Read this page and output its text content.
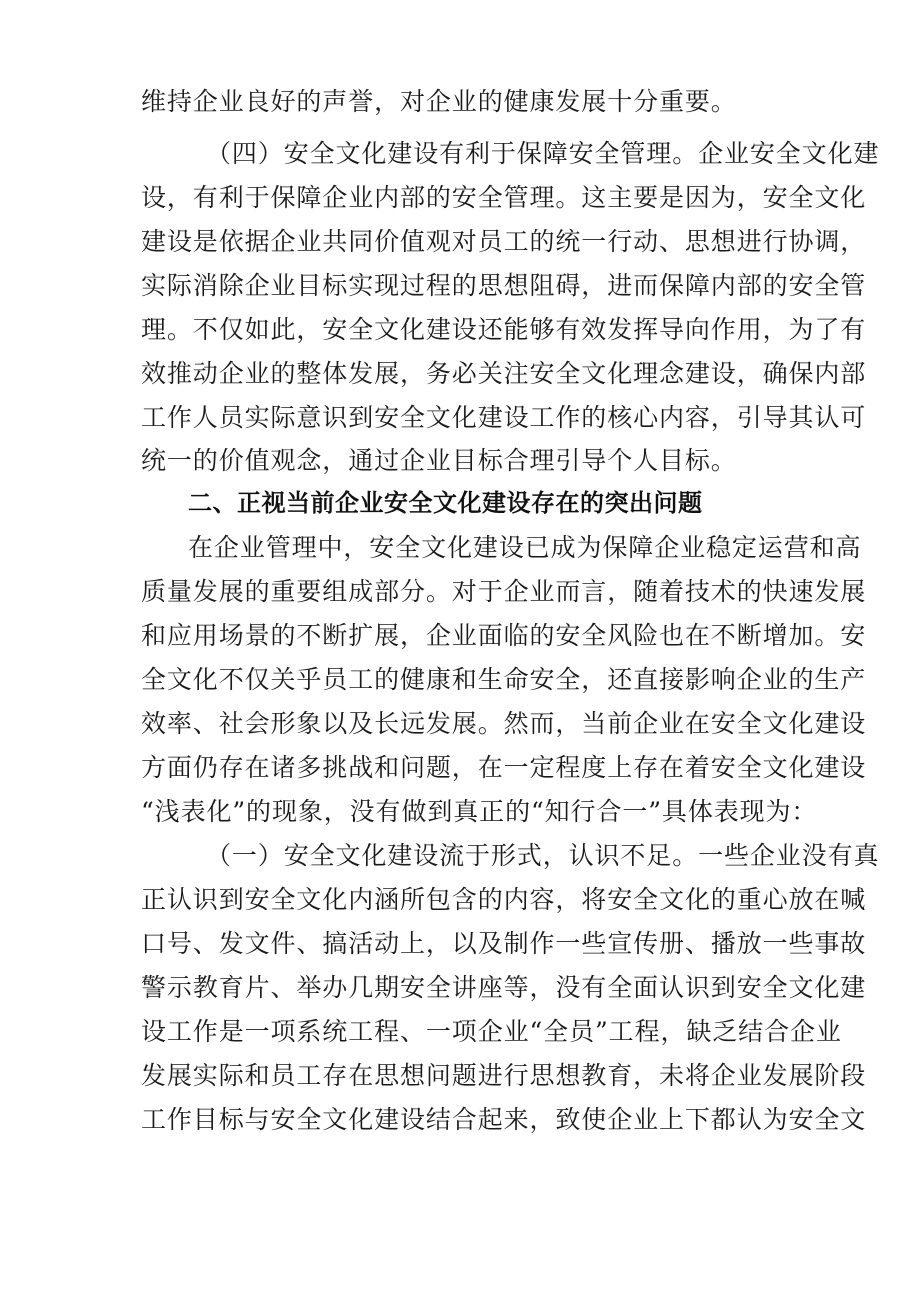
维持企业良好的声誉，对企业的健康发展十分重要。
（四）安全文化建设有利于保障安全管理。企业安全文化建
设，有利于保障企业内部的安全管理。这主要是因为，安全文化
建设是依据企业共同价值观对员工的统一行动、思想进行协调，
实际消除企业目标实现过程的思想阻碍，进而保障内部的安全管
理。不仅如此，安全文化建设还能够有效发挥导向作用，为了有
效推动企业的整体发展，务必关注安全文化理念建设，确保内部
工作人员实际意识到安全文化建设工作的核心内容，引导其认可
统一的价值观念，通过企业目标合理引导个人目标。
二、正视当前企业安全文化建设存在的突出问题
在企业管理中，安全文化建设已成为保障企业稳定运营和高
质量发展的重要组成部分。对于企业而言，随着技术的快速发展
和应用场景的不断扩展，企业面临的安全风险也在不断增加。安
全文化不仅关乎员工的健康和生命安全，还直接影响企业的生产
效率、社会形象以及长远发展。然而，当前企业在安全文化建设
方面仍存在诸多挑战和问题，在一定程度上存在着安全文化建设
“浅表化”的现象，没有做到真正的“知行合一”具体表现为：
（一）安全文化建设流于形式，认识不足。一些企业没有真
正认识到安全文化内涵所包含的内容，将安全文化的重心放在喊
口号、发文件、搞活动上，以及制作一些宣传册、播放一些事故
警示教育片、举办几期安全讲座等，没有全面认识到安全文化建
设工作是一项系统工程、一项企业“全员”工程，缺乏结合企业
发展实际和员工存在思想问题进行思想教育，未将企业发展阶段
工作目标与安全文化建设结合起来，致使企业上下都认为安全文
